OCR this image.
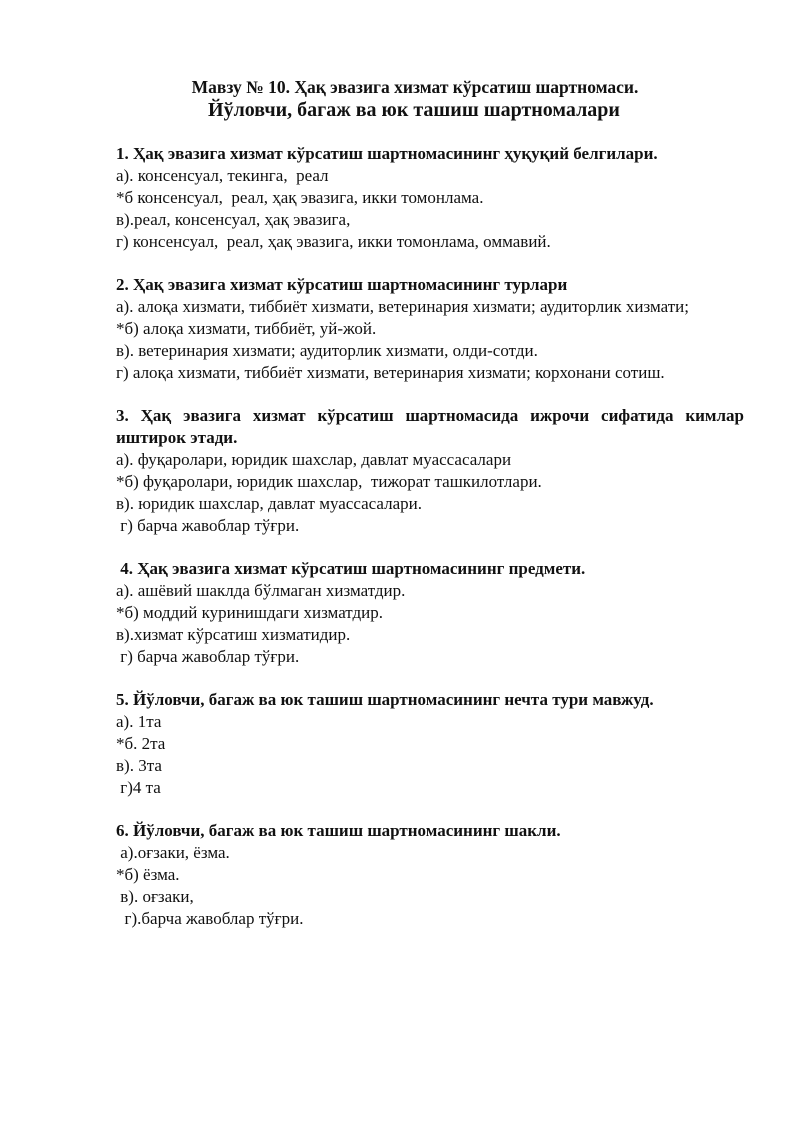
Мавзу № 10. Ҳақ эвазига хизмат кўрсатиш шартномаси.
Йўловчи, багаж ва юк ташиш шартномалари
1. Ҳақ эвазига хизмат кўрсатиш шартномасининг ҳуқуқий белгилари.
а). консенсуал, текинга,  реал
*б консенсуал,  реал, ҳақ эвазига, икки томонлама.
в).реал, консенсуал, ҳақ эвазига,
г) консенсуал,  реал, ҳақ эвазига, икки томонлама, оммавий.
2. Ҳақ эвазига хизмат кўрсатиш шартномасининг турлари
а). алоқа хизмати, тиббиёт хизмати, ветеринария хизмати; аудиторлик хизмати;
*б) алоқа хизмати, тиббиёт, уй-жой.
в). ветеринария хизмати; аудиторлик хизмати, олди-сотди.
г) алоқа хизмати, тиббиёт хизмати, ветеринария хизмати; корхонани сотиш.
3. Ҳақ эвазига хизмат кўрсатиш шартномасида ижрочи сифатида кимлар иштирок этади.
а). фуқаролари, юридик шахслар, давлат муассасалари
*б) фуқаролари, юридик шахслар,  тижорат ташкилотлари.
в). юридик шахслар, давлат муассасалари.
г) барча жавоблар тўғри.
4. Ҳақ эвазига хизмат кўрсатиш шартномасининг предмети.
а). ашёвий шаклда бўлмаган хизматдир.
*б) моддий куринишдаги хизматдир.
в).хизмат кўрсатиш хизматидир.
г) барча жавоблар тўғри.
5. Йўловчи, багаж ва юк ташиш шартномасининг нечта тури мавжуд.
а). 1та
*б. 2та
в). 3та
г)4 та
6. Йўловчи, багаж ва юк ташиш шартномасининг шакли.
а).оғзаки, ёзма.
*б) ёзма.
в). оғзаки,
г).барча жавоблар тўғри.
